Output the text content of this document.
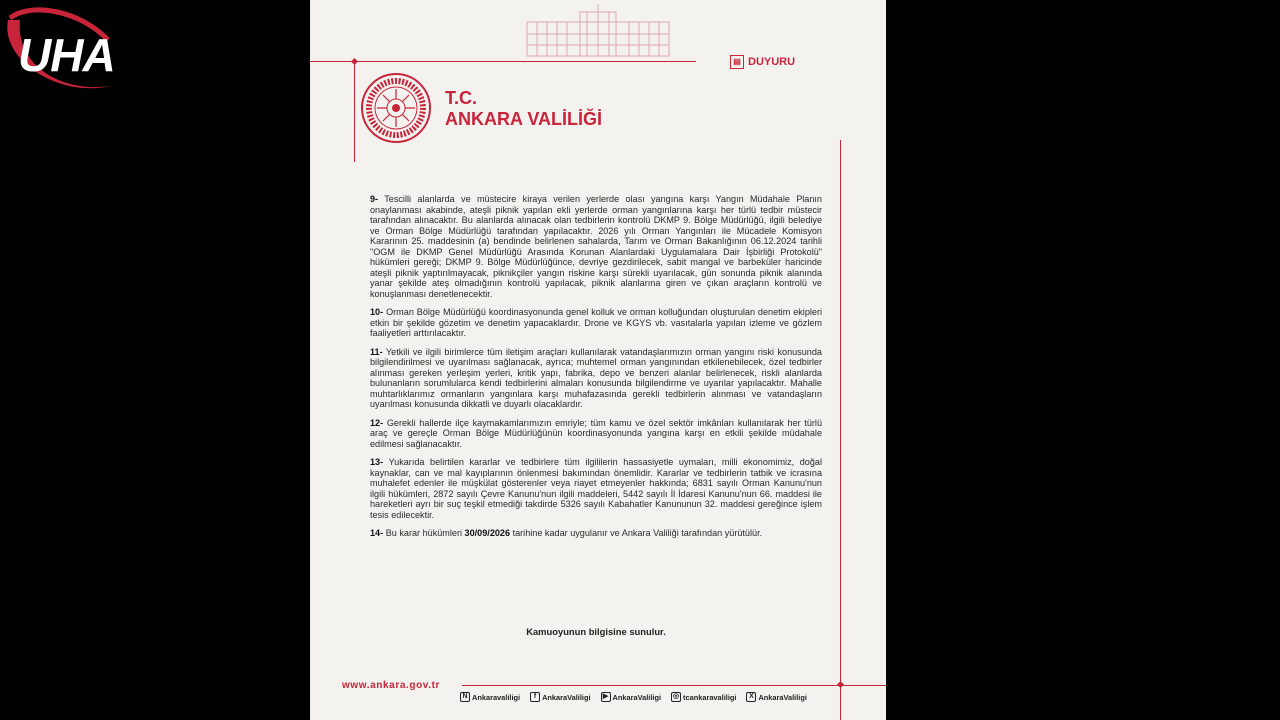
UHA	▤ DUYURU
T.C.
ANKARA VALİLİĞİ

9- Tescilli alanlarda ve müstecire kiraya verilen yerlerde olası yangına karşı Yangın Müdahale Planın onaylanması akabinde, ateşli piknik yapılan ekli yerlerde orman yangınlarına karşı her türlü tedbir müstecir tarafından alınacaktır. Bu alanlarda alınacak olan tedbirlerin kontrolü DKMP 9. Bölge Müdürlüğü, ilgili belediye ve Orman Bölge Müdürlüğü tarafından yapılacaktır. 2026 yılı Orman Yangınları ile Mücadele Komisyon Kararının 25. maddesinin (a) bendinde belirlenen sahalarda, Tarım ve Orman Bakanlığının 06.12.2024 tarihli "OGM ile DKMP Genel Müdürlüğü Arasında Korunan Alanlardaki Uygulamalara Dair İşbirliği Protokolü" hükümleri gereği; DKMP 9. Bölge Müdürlüğünce, devriye gezdirilecek, sabit mangal ve barbeküler haricinde ateşli piknik yaptırılmayacak, piknikçiler yangın riskine karşı sürekli uyarılacak, gün sonunda piknik alanında yanar şekilde ateş olmadığının kontrolü yapılacak, piknik alanlarına giren ve çıkan araçların kontrolü ve konuşlanması denetlenecektir.

10- Orman Bölge Müdürlüğü koordinasyonunda genel kolluk ve orman kolluğundan oluşturulan denetim ekipleri etkin bir şekilde gözetim ve denetim yapacaklardır. Drone ve KGYS vb. vasıtalarla yapılan izleme ve gözlem faaliyetleri arttırılacaktır.

11- Yetkili ve ilgili birimlerce tüm iletişim araçları kullanılarak vatandaşlarımızın orman yangını riski konusunda bilgilendirilmesi ve uyarılması sağlanacak, ayrıca; muhtemel orman yangınından etkilenebilecek, özel tedbirler alınması gereken yerleşim yerleri, kritik yapı, fabrika, depo ve benzeri alanlar belirlenecek, riskli alanlarda bulunanların sorumlularca kendi tedbirlerini almaları konusunda bilgilendirme ve uyarılar yapılacaktır. Mahalle muhtarlıklarımız ormanların yangınlara karşı muhafazasında gerekli tedbirlerin alınması ve vatandaşların uyarılması konusunda dikkatli ve duyarlı olacaklardır.

12- Gerekli hallerde ilçe kaymakamlarımızın emriyle; tüm kamu ve özel sektör imkânları kullanılarak her türlü araç ve gereçle Orman Bölge Müdürlüğünün koordinasyonunda yangına karşı en etkili şekilde müdahale edilmesi sağlanacaktır.

13- Yukarıda belirtilen kararlar ve tedbirlere tüm ilgililerin hassasiyetle uymaları, milli ekonomimiz, doğal kaynaklar, can ve mal kayıplarının önlenmesi bakımından önemlidir. Kararlar ve tedbirlerin tatbik ve icrasına muhalefet edenler ile müşkülat gösterenler veya riayet etmeyenler hakkında; 6831 sayılı Orman Kanunu'nun ilgili hükümleri, 2872 sayılı Çevre Kanunu'nun ilgili maddeleri, 5442 sayılı İl İdaresi Kanunu'nun 66. maddesi ile hareketleri ayrı bir suç teşkil etmediği takdirde 5326 sayılı Kabahatler Kanununun 32. maddesi gereğince işlem tesis edilecektir.

14- Bu karar hükümleri 30/09/2026 tarihine kadar uygulanır ve Ankara Valiliği tarafından yürütülür.

Kamuoyunun bilgisine sunulur.
www.ankara.gov.tr
N Ankaravaliligi	f AnkaraValiligi	▶ AnkaraValiligi ◎ tcankaravaliligi	X AnkaraValiligi
